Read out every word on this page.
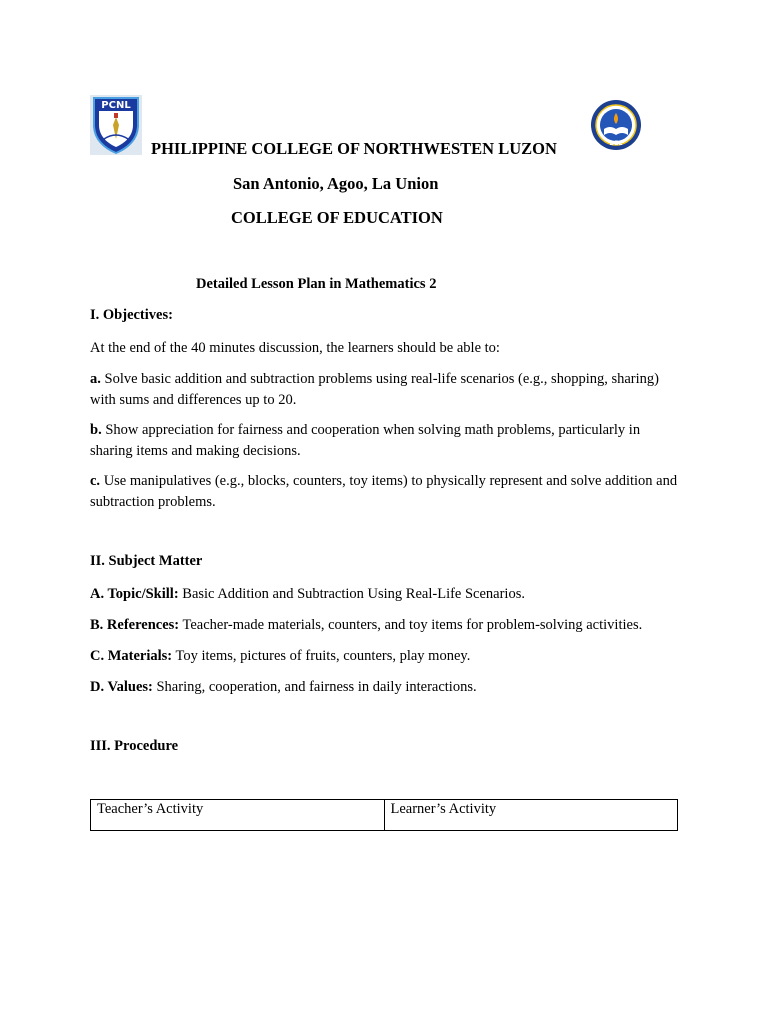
PCNL
DEE
PHILIPPINE COLLEGE OF NORTHWESTEN LUZON
San Antonio, Agoo, La Union
COLLEGE OF EDUCATION
Detailed Lesson Plan in Mathematics 2
I. Objectives:
At the end of the 40 minutes discussion, the learners should be able to:
a. Solve basic addition and subtraction problems using real-life scenarios (e.g., shopping, sharing) with sums and differences up to 20.
b. Show appreciation for fairness and cooperation when solving math problems, particularly in sharing items and making decisions.
c. Use manipulatives (e.g., blocks, counters, toy items) to physically represent and solve addition and subtraction problems.
II. Subject Matter
A. Topic/Skill: Basic Addition and Subtraction Using Real-Life Scenarios.
B. References: Teacher-made materials, counters, and toy items for problem-solving activities.
C. Materials: Toy items, pictures of fruits, counters, play money.
D. Values: Sharing, cooperation, and fairness in daily interactions.
III. Procedure
Teacher’s Activity	Learner’s Activity
